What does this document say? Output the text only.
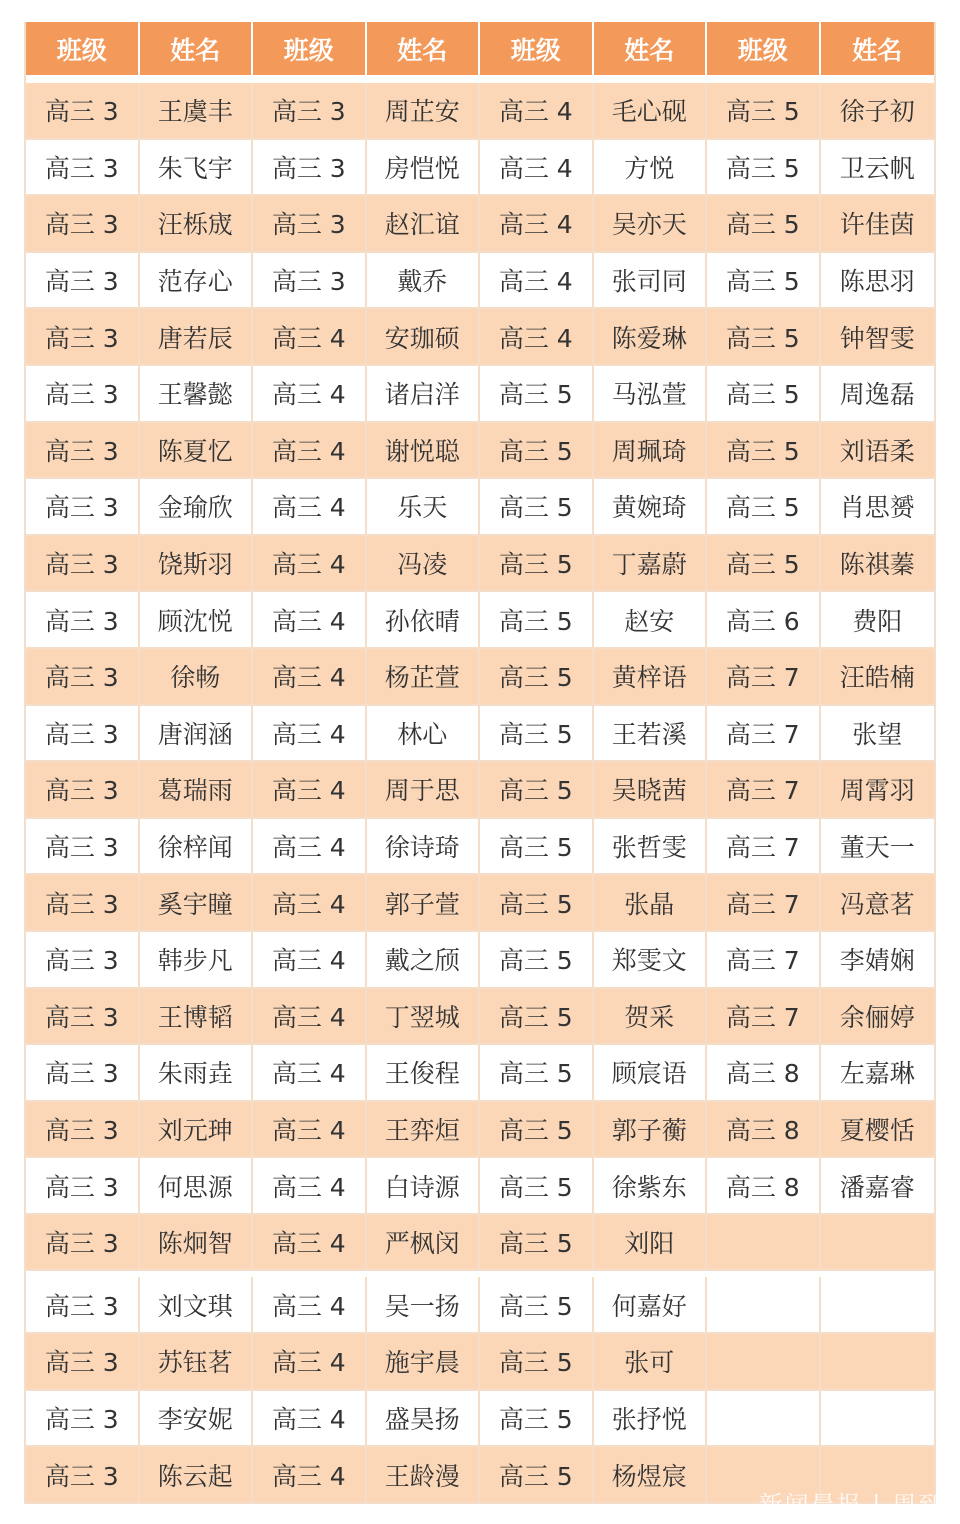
班级	姓名	班级	姓名	班级	姓名	班级	姓名

高三 3	王虞丰	高三 3	周芷安	高三 4	毛心砚	高三 5	徐子初
高三 3	朱飞宇	高三 3	房恺悦	高三 4	方悦	高三 5	卫云帆
高三 3	汪栎宬	高三 3	赵汇谊	高三 4	吴亦天	高三 5	许佳茵
高三 3	范存心	高三 3	戴乔	高三 4	张司同	高三 5	陈思羽
高三 3	唐若辰	高三 4	安珈硕	高三 4	陈爱琳	高三 5	钟智雯
高三 3	王馨懿	高三 4	诸启洋	高三 5	马泓萱	高三 5	周逸磊
高三 3	陈夏忆	高三 4	谢悦聪	高三 5	周珮琦	高三 5	刘语柔
高三 3	金瑜欣	高三 4	乐天	高三 5	黄婉琦	高三 5	肖思赟
高三 3	饶斯羽	高三 4	冯凌	高三 5	丁嘉蔚	高三 5	陈祺蓁
高三 3	顾沈悦	高三 4	孙依晴	高三 5	赵安	高三 6	费阳
高三 3	徐畅	高三 4	杨芷萱	高三 5	黄梓语	高三 7	汪皓楠
高三 3	唐润涵	高三 4	林心	高三 5	王若溪	高三 7	张望
高三 3	葛瑞雨	高三 4	周于思	高三 5	吴晓茜	高三 7	周霄羽
高三 3	徐梓闻	高三 4	徐诗琦	高三 5	张哲雯	高三 7	董天一
高三 3	奚宇瞳	高三 4	郭子萱	高三 5	张晶	高三 7	冯意茗
高三 3	韩步凡	高三 4	戴之颀	高三 5	郑雯文	高三 7	李婧娴
高三 3	王博韬	高三 4	丁翌城	高三 5	贺采	高三 7	余俪婷
高三 3	朱雨垚	高三 4	王俊程	高三 5	顾宸语	高三 8	左嘉琳
高三 3	刘元珅	高三 4	王弈烜	高三 5	郭子蘅	高三 8	夏樱恬
高三 3	何思源	高三 4	白诗源	高三 5	徐紫东	高三 8	潘嘉睿
高三 3	陈炯智	高三 4	严枫闵	高三 5	刘阳		

高三 3	刘文琪	高三 4	吴一扬	高三 5	何嘉好		
高三 3	苏钰茗	高三 4	施宇晨	高三 5	张可		
高三 3	李安妮	高三 4	盛昊扬	高三 5	张抒悦		
高三 3	陈云起	高三 4	王龄漫	高三 5	杨煜宸		
新闻晨报 | 周到
